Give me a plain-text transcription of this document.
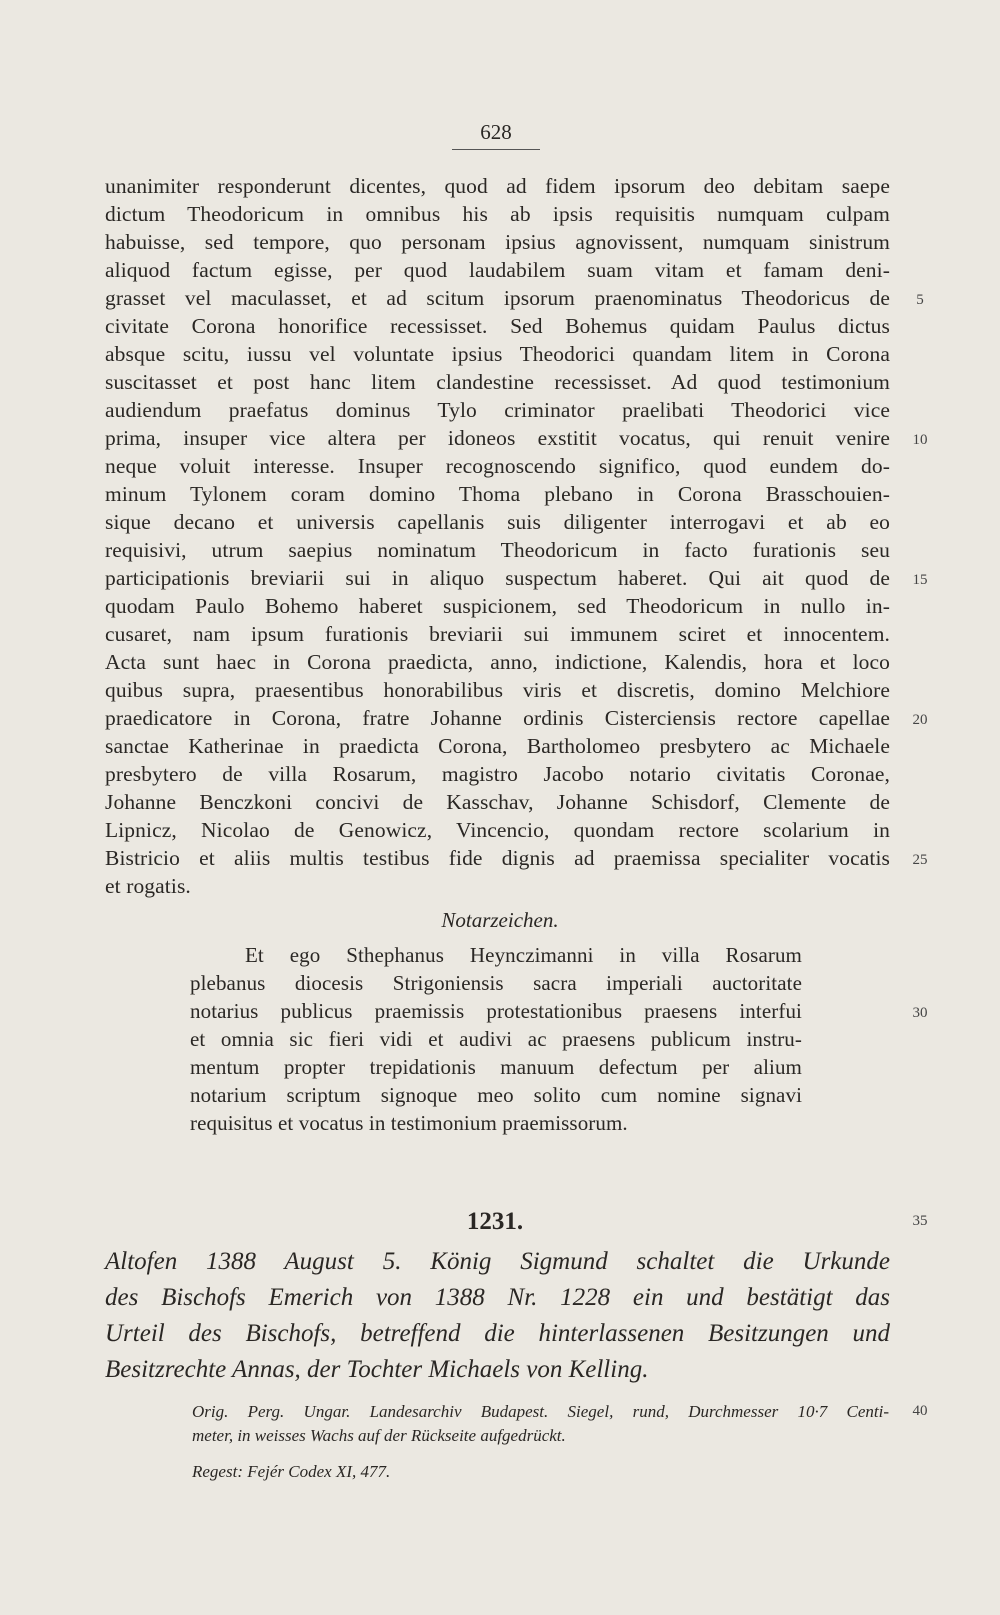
628
unanimiter responderunt dicentes, quod ad fidem ipsorum deo debitam saepe
dictum Theodoricum in omnibus his ab ipsis requisitis numquam culpam
habuisse, sed tempore, quo personam ipsius agnovissent, numquam sinistrum
aliquod factum egisse, per quod laudabilem suam vitam et famam deni-
grasset vel maculasset, et ad scitum ipsorum praenominatus Theodoricus de
civitate Corona honorifice recessisset. Sed Bohemus quidam Paulus dictus
absque scitu, iussu vel voluntate ipsius Theodorici quandam litem in Corona
suscitasset et post hanc litem clandestine recessisset. Ad quod testimonium
audiendum praefatus dominus Tylo criminator praelibati Theodorici vice
prima, insuper vice altera per idoneos exstitit vocatus, qui renuit venire
neque voluit interesse. Insuper recognoscendo significo, quod eundem do-
minum Tylonem coram domino Thoma plebano in Corona Brasschouien-
sique decano et universis capellanis suis diligenter interrogavi et ab eo
requisivi, utrum saepius nominatum Theodoricum in facto furationis seu
participationis breviarii sui in aliquo suspectum haberet. Qui ait quod de
quodam Paulo Bohemo haberet suspicionem, sed Theodoricum in nullo in-
cusaret, nam ipsum furationis breviarii sui immunem sciret et innocentem.
Acta sunt haec in Corona praedicta, anno, indictione, Kalendis, hora et loco
quibus supra, praesentibus honorabilibus viris et discretis, domino Melchiore
praedicatore in Corona, fratre Johanne ordinis Cisterciensis rectore capellae
sanctae Katherinae in praedicta Corona, Bartholomeo presbytero ac Michaele
presbytero de villa Rosarum, magistro Jacobo notario civitatis Coronae,
Johanne Benczkoni concivi de Kasschav, Johanne Schisdorf, Clemente de
Lipnicz, Nicolao de Genowicz, Vincencio, quondam rectore scolarium in
Bistricio et aliis multis testibus fide dignis ad praemissa specialiter vocatis
et rogatis.
Notarzeichen.
Et ego Sthephanus Heynczimanni in villa Rosarum
plebanus diocesis Strigoniensis sacra imperiali auctoritate
notarius publicus praemissis protestationibus praesens interfui
et omnia sic fieri vidi et audivi ac praesens publicum instru-
mentum propter trepidationis manuum defectum per alium
notarium scriptum signoque meo solito cum nomine signavi
requisitus et vocatus in testimonium praemissorum.
1231.
Altofen 1388 August 5. König Sigmund schaltet die Urkunde
des Bischofs Emerich von 1388 Nr. 1228 ein und bestätigt das
Urteil des Bischofs, betreffend die hinterlassenen Besitzungen und
Besitzrechte Annas, der Tochter Michaels von Kelling.
Orig. Perg. Ungar. Landesarchiv Budapest. Siegel, rund, Durchmesser 10·7 Centi-
meter, in weisses Wachs auf der Rückseite aufgedrückt.
Regest: Fejér Codex XI, 477.
5
10
15
20
25
30
35
40
